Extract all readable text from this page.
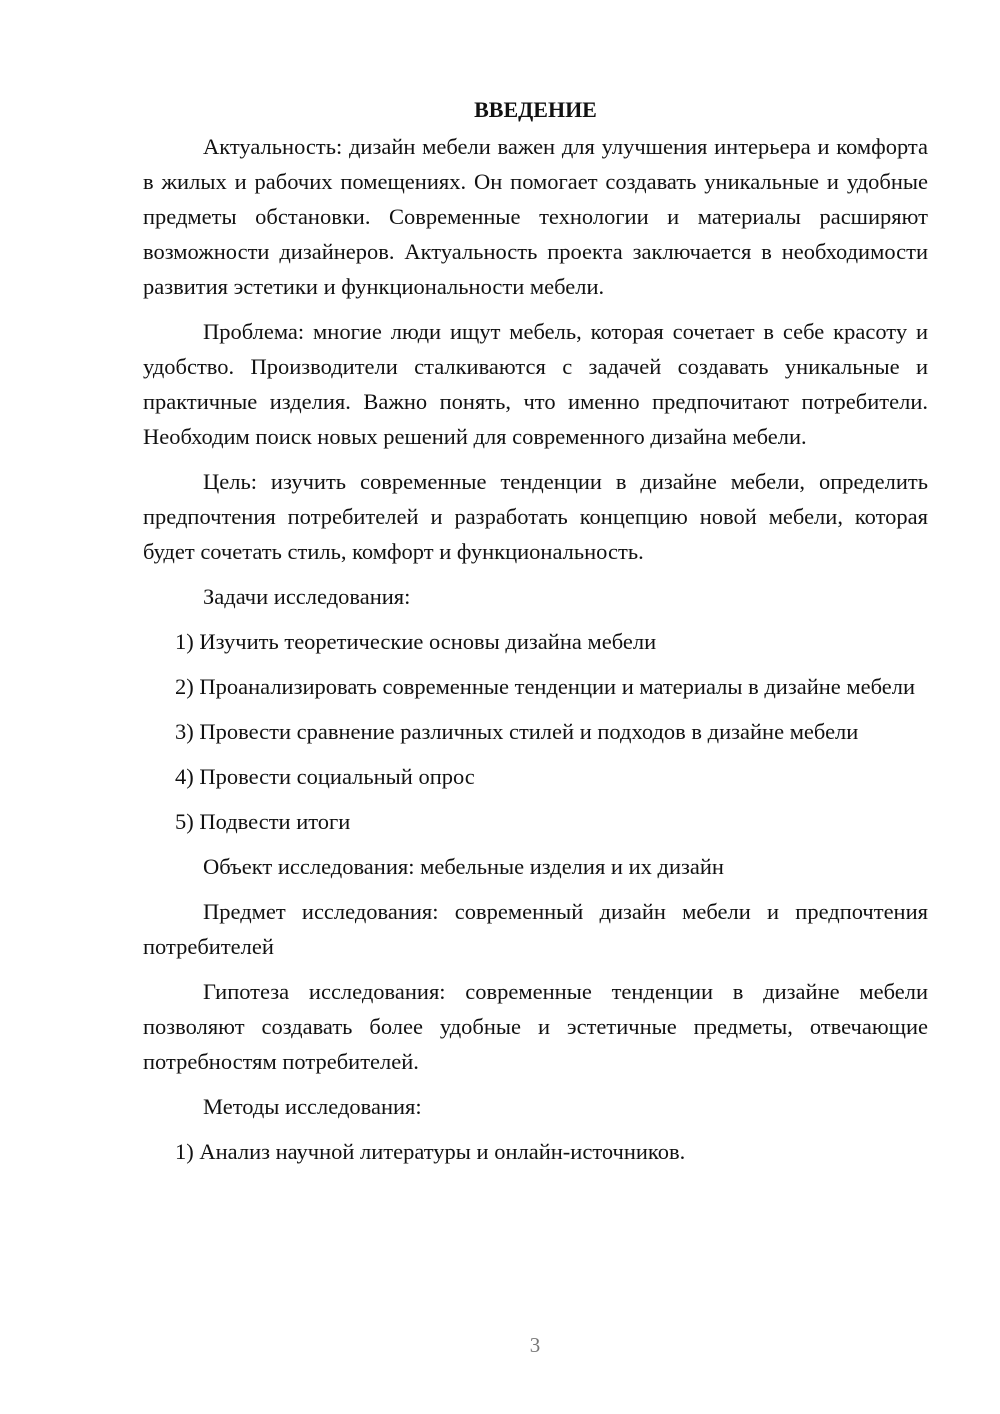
ВВЕДЕНИЕ

Актуальность: дизайн мебели важен для улучшения интерьера и комфорта в жилых и рабочих помещениях. Он помогает создавать уникальные и удобные предметы обстановки. Современные технологии и материалы расширяют возможности дизайнеров. Актуальность проекта заключается в необходимости развития эстетики и функциональности мебели.

Проблема: многие люди ищут мебель, которая сочетает в себе красоту и удобство. Производители сталкиваются с задачей создавать уникальные и практичные изделия. Важно понять, что именно предпочитают потребители. Необходим поиск новых решений для современного дизайна мебели.

Цель: изучить современные тенденции в дизайне мебели, определить предпочтения потребителей и разработать концепцию новой мебели, которая будет сочетать стиль, комфорт и функциональность.

Задачи исследования:

1) Изучить теоретические основы дизайна мебели

2) Проанализировать современные тенденции и материалы в дизайне мебели

3) Провести сравнение различных стилей и подходов в дизайне мебели

4) Провести социальный опрос

5) Подвести итоги

Объект исследования: мебельные изделия и их дизайн

Предмет исследования: современный дизайн мебели и предпочтения потребителей

Гипотеза исследования: современные тенденции в дизайне мебели позволяют создавать более удобные и эстетичные предметы, отвечающие потребностям потребителей.

Методы исследования:

1) Анализ научной литературы и онлайн-источников.

3
